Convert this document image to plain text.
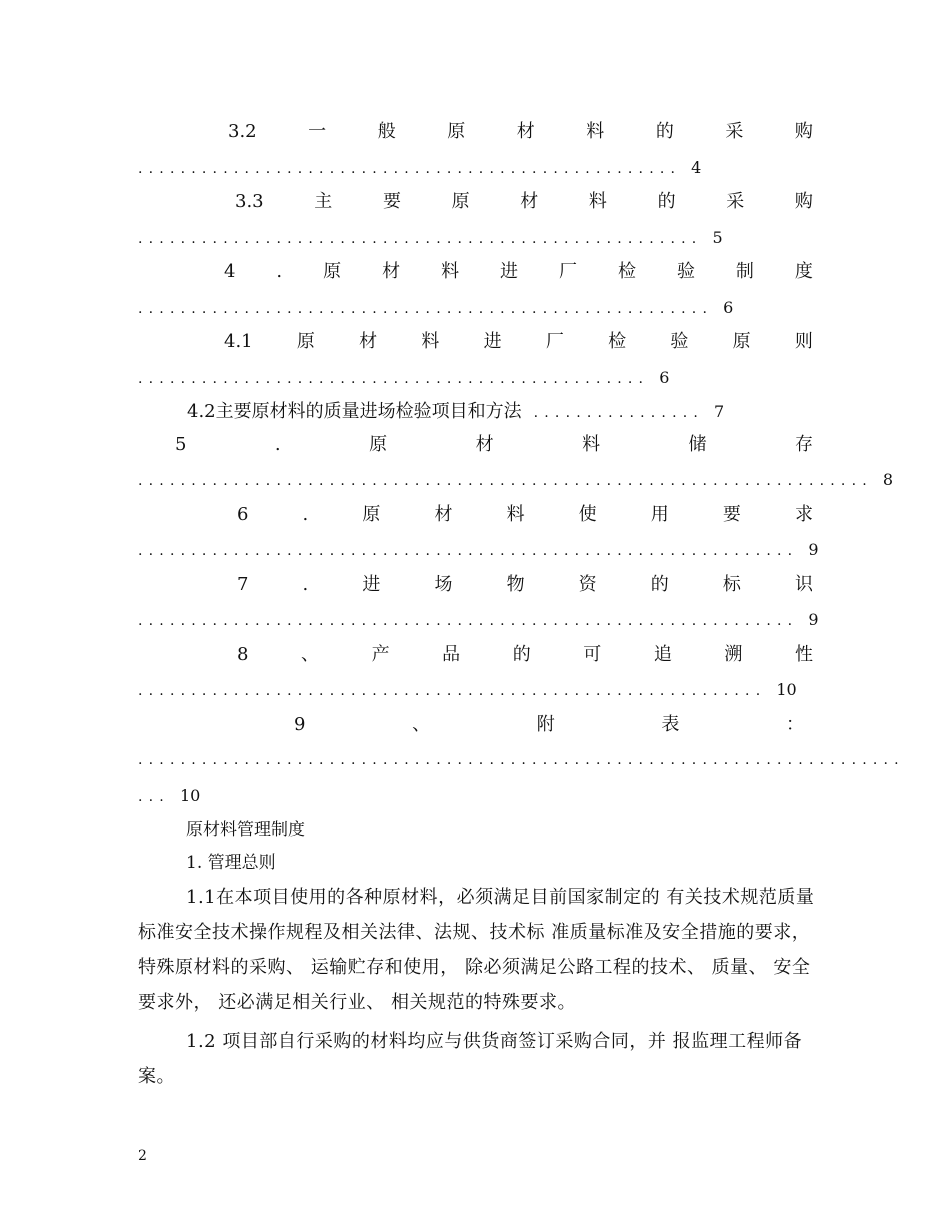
3.2	一	般	原	材	料	的	采	购
................................................... 4
3.3	主	要	原	材	料	的	采	购
..................................................... 5
4 . 原 材 料 进 厂 检 验 制 度
...................................................... 6
4.1 原 材 料 进 厂 检 验 原 则
................................................ 6
4.2主要原材料的质量进场检验项目和方法 ................ 7
5	.	原	材	料	储	存
..................................................................... 8
6	.	原	材	料	使	用	要	求
.............................................................. 9
7	.	进	场	物	资	的	标	识
.............................................................. 9
8	、	产	品	的	可	追	溯	性
........................................................... 10
9	、	附	表	：
........................................................................
... 10
原材料管理制度
1. 管理总则
1.1在本项目使用的各种原材料，必须满足目前国家制定的 有关技术规范质量标准安全技术操作规程及相关法律、法规、技术标 准质量标准及安全措施的要求， 特殊原材料的采购、 运输贮存和使用， 除必须满足公路工程的技术、 质量、 安全要求外， 还必满足相关行业、 相关规范的特殊要求。
1.2 项目部自行采购的材料均应与供货商签订采购合同，并 报监理工程师备案。
2
